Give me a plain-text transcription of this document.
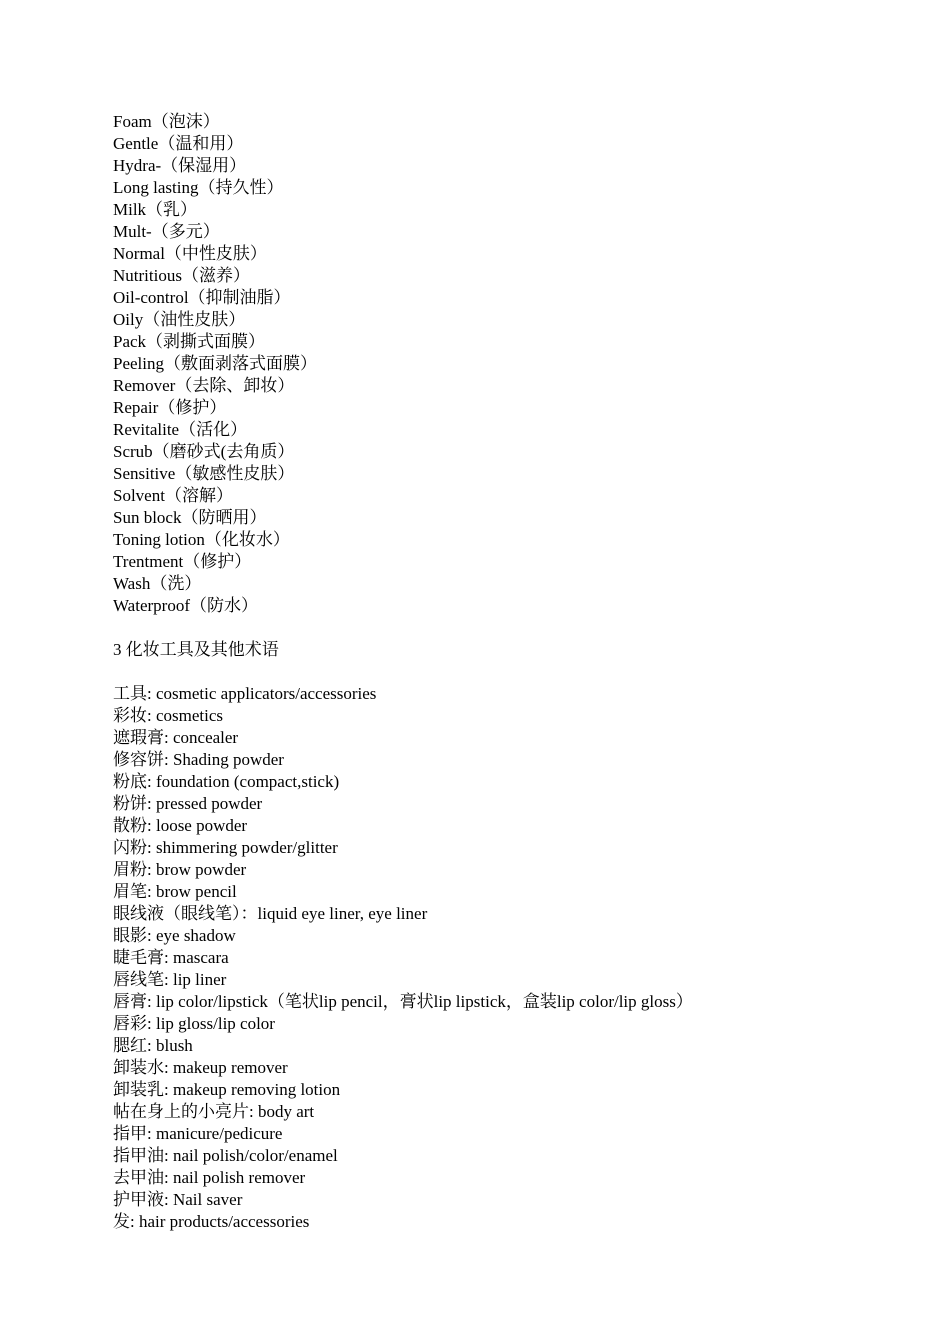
Foam（泡沫）
Gentle（温和用）
Hydra-（保湿用）
Long lasting（持久性）
Milk（乳）
Mult-（多元）
Normal（中性皮肤）
Nutritious（滋养）
Oil-control（抑制油脂）
Oily（油性皮肤）
Pack（剥撕式面膜）
Peeling（敷面剥落式面膜）
Remover（去除、卸妆）
Repair（修护）
Revitalite（活化）
Scrub（磨砂式(去角质）
Sensitive（敏感性皮肤）
Solvent（溶解）
Sun block（防晒用）
Toning lotion（化妆水）
Trentment（修护）
Wash（洗）
Waterproof（防水）
3 化妆工具及其他术语
工具: cosmetic applicators/accessories
彩妆: cosmetics
遮瑕膏: concealer
修容饼: Shading powder
粉底: foundation (compact,stick)
粉饼: pressed powder
散粉: loose powder
闪粉: shimmering powder/glitter
眉粉: brow powder
眉笔: brow pencil
眼线液（眼线笔）：liquid eye liner, eye liner
眼影: eye shadow
睫毛膏: mascara
唇线笔: lip liner
唇膏: lip color/lipstick（笔状lip pencil，膏状lip lipstick，盒装lip color/lip gloss）
唇彩: lip gloss/lip color
腮红: blush
卸装水: makeup remover
卸装乳: makeup removing lotion
帖在身上的小亮片: body art
指甲: manicure/pedicure
指甲油: nail polish/color/enamel
去甲油: nail polish remover
护甲液: Nail saver
发: hair products/accessories
